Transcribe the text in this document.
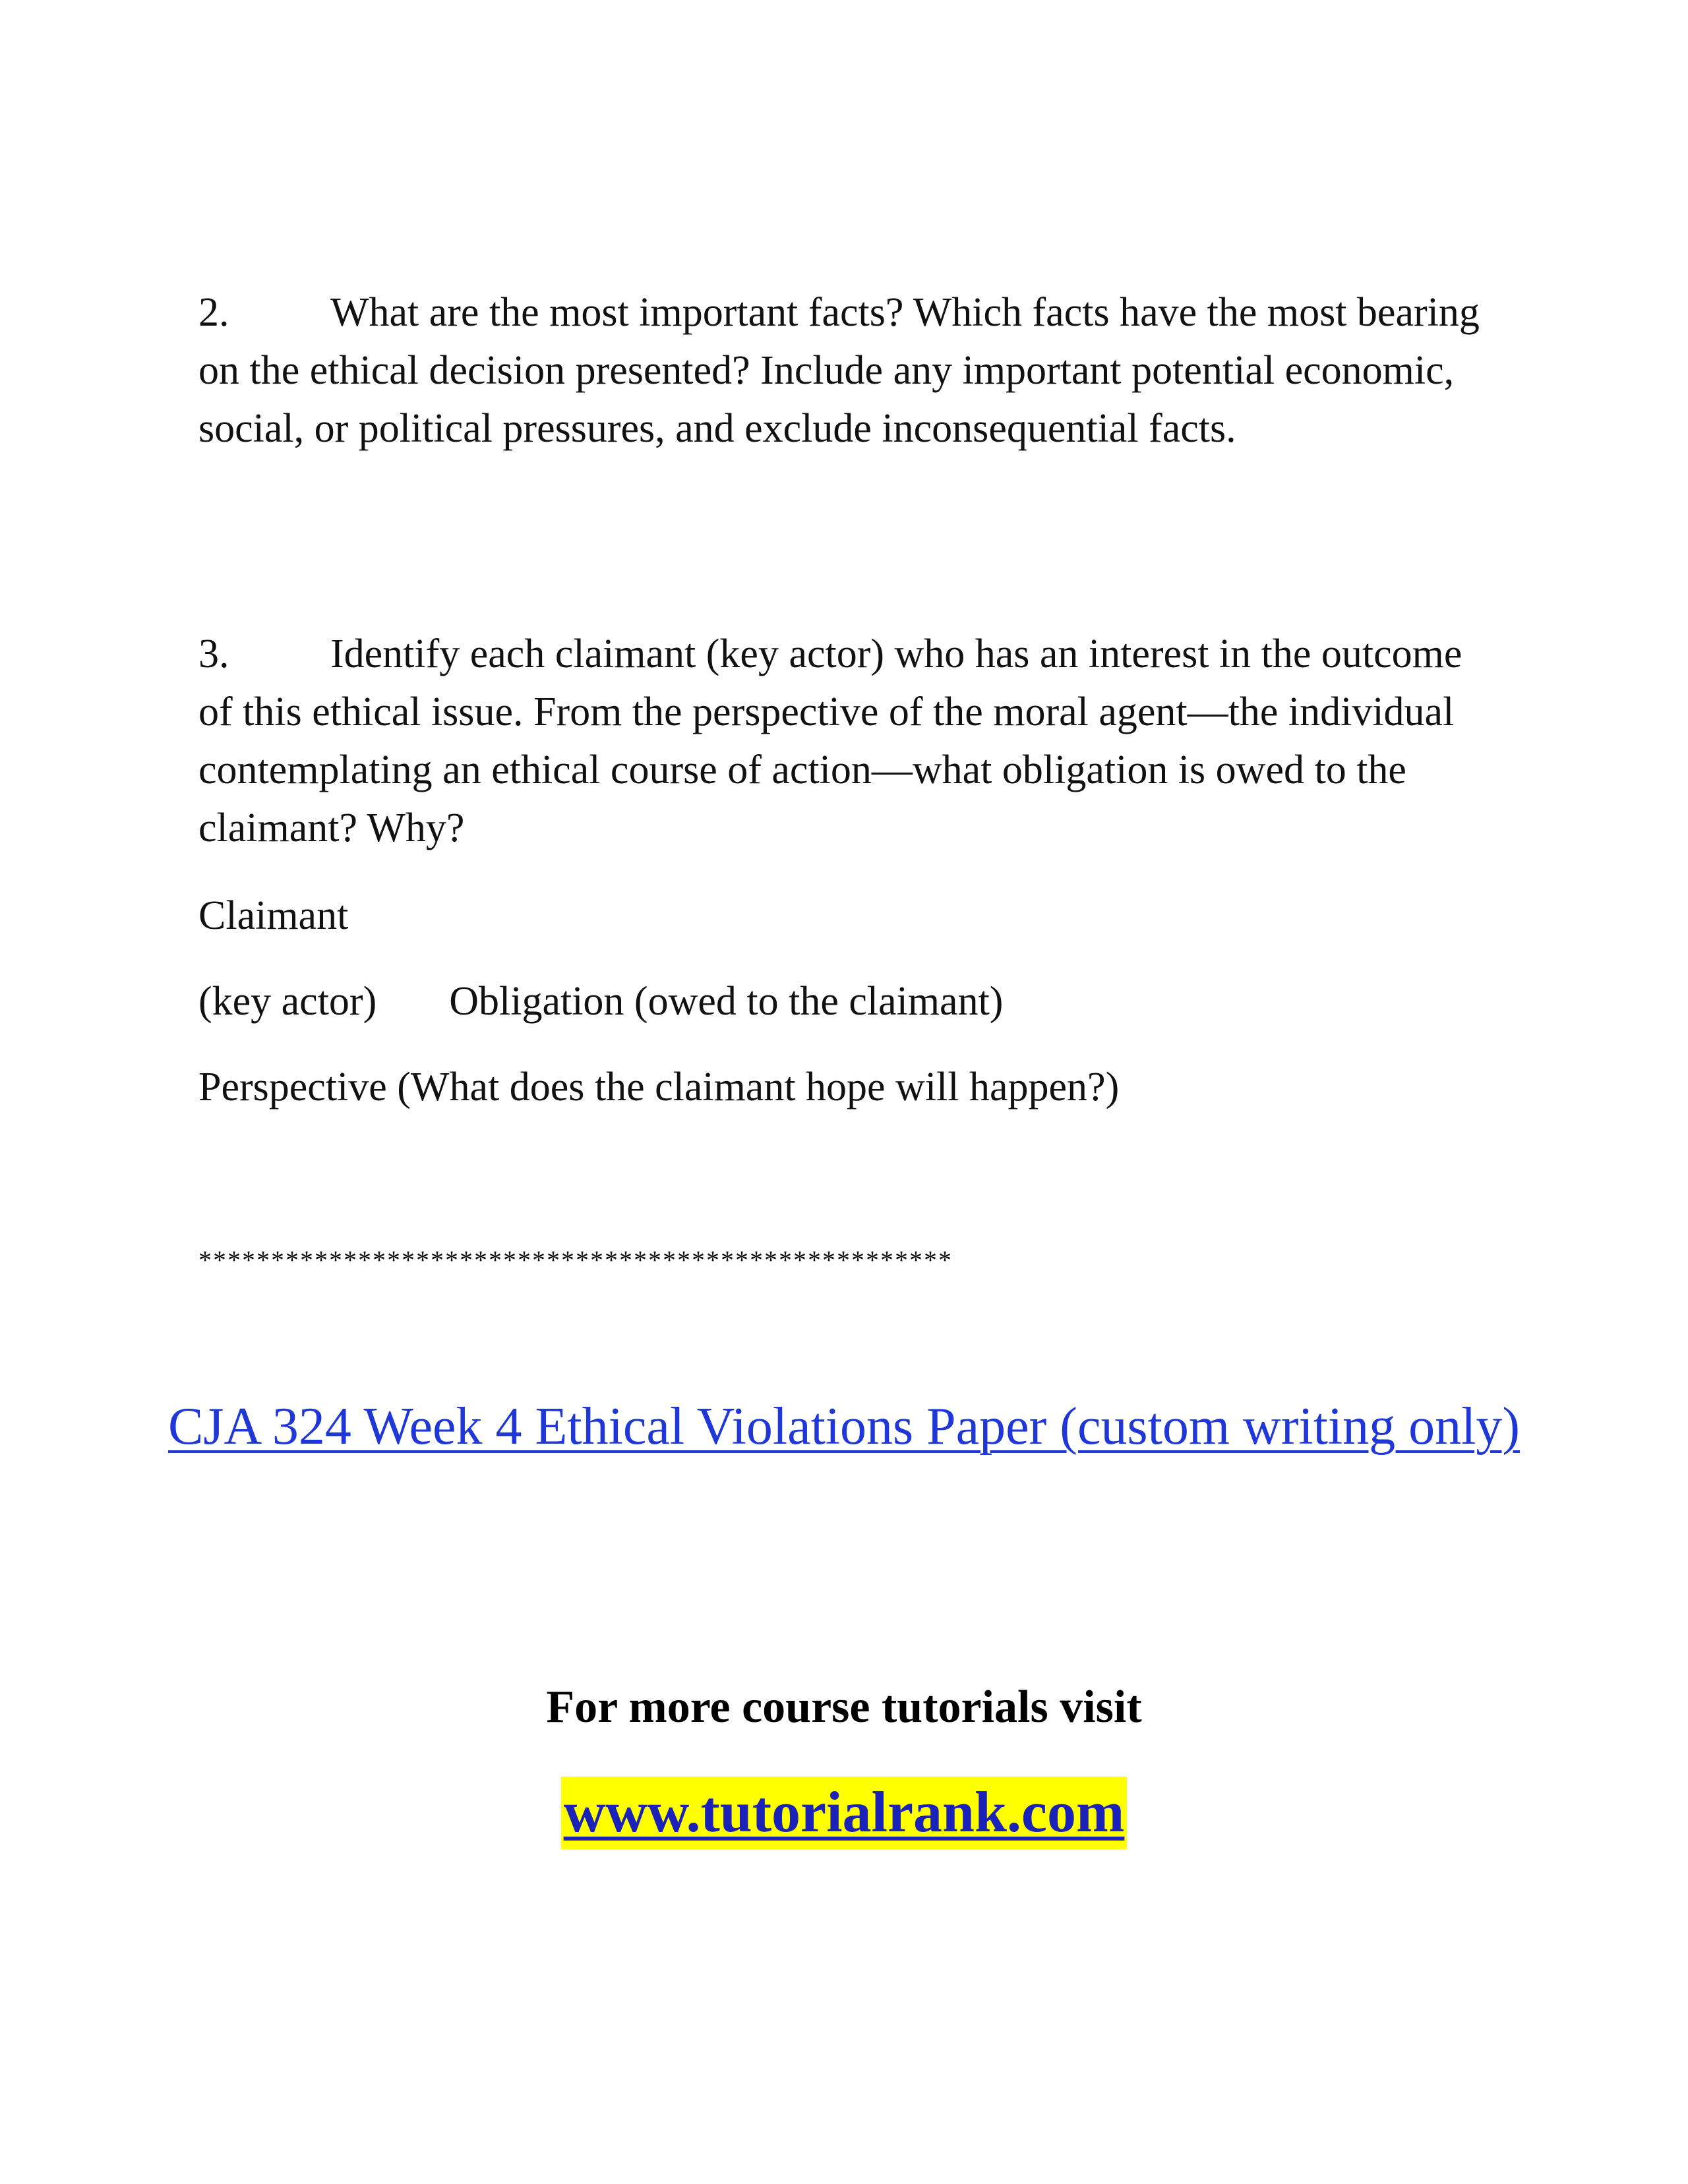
2. What are the most important facts? Which facts have the most bearing on the ethical decision presented? Include any important potential economic, social, or political pressures, and exclude inconsequential facts.

3. Identify each claimant (key actor) who has an interest in the outcome of this ethical issue. From the perspective of the moral agent—the individual contemplating an ethical course of action—what obligation is owed to the claimant? Why?

Claimant

(key actor) Obligation (owed to the claimant)

Perspective (What does the claimant hope will happen?)

****************************************************

CJA 324 Week 4 Ethical Violations Paper (custom writing only)

For more course tutorials visit

www.tutorialrank.com
